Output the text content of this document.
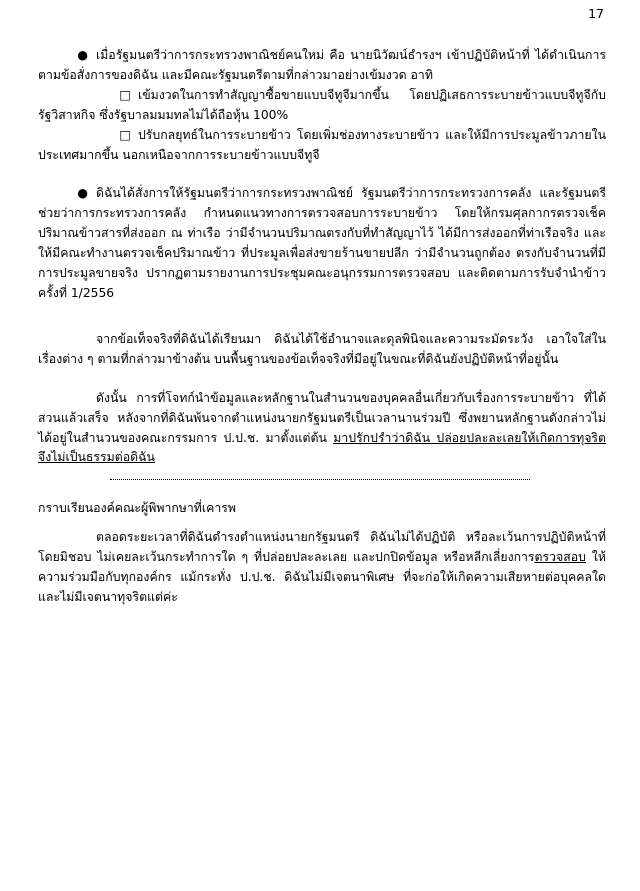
17

● เมื่อรัฐมนตรีว่าการกระทรวงพาณิชย์คนใหม่ คือ นายนิวัฒน์ธำรงฯ เข้าปฏิบัติหน้าที่ ได้ดำเนินการตามข้อสั่งการของดิฉัน และมีคณะรัฐมนตรีตามที่กล่าวมาอย่างเข้มงวด อาทิ

□ เข้มงวดในการทำสัญญาซื้อขายแบบจีทูจีมากขึ้น โดยปฏิเสธการระบายข้าวแบบจีทูจีกับรัฐวิสาหกิจ ซึ่งรัฐบาลมมมทลไม่ได้ถือหุ้น 100%

□ ปรับกลยุทธ์ในการระบายข้าว โดยเพิ่มช่องทางระบายข้าว และให้มีการประมูลข้าวภายในประเทศมากขึ้น นอกเหนือจากการระบายข้าวแบบจีทูจี

● ดิฉันได้สั่งการให้รัฐมนตรีว่าการกระทรวงพาณิชย์ รัฐมนตรีว่าการกระทรวงการคลัง และรัฐมนตรีช่วยว่าการกระทรวงการคลัง กำหนดแนวทางการตรวจสอบการระบายข้าว โดยให้กรมศุลกากรตรวจเช็คปริมาณข้าวสารที่ส่งออก ณ ท่าเรือ ว่ามีจำนวนปริมาณตรงกับที่ทำสัญญาไว้ ได้มีการส่งออกที่ท่าเรือจริง และให้มีคณะทำงานตรวจเช็คปริมาณข้าว ที่ประมูลเพื่อส่งขายร้านขายปลีก ว่ามีจำนวนถูกต้อง ตรงกับจำนวนที่มีการประมูลขายจริง ปรากฏตามรายงานการประชุมคณะอนุกรรมการตรวจสอบ และติดตามการรับจำนำข้าว ครั้งที่ 1/2556

จากข้อเท็จจริงที่ดิฉันได้เรียนมา ดิฉันได้ใช้อำนาจและดุลพินิจและความระมัดระวัง เอาใจใส่ในเรื่องต่าง ๆ ตามที่กล่าวมาข้างต้น บนพื้นฐานของข้อเท็จจริงที่มีอยู่ในขณะที่ดิฉันยังปฏิบัติหน้าที่อยู่นั้น

ดังนั้น การที่โจทก์นำข้อมูลและหลักฐานในสำนวนของบุคคลอื่นเกี่ยวกับเรื่องการระบายข้าว ที่ได้สวนแล้วเสร็จ หลังจากที่ดิฉันพ้นจากตำแหน่งนายกรัฐมนตรีเป็นเวลานานร่วมปี ซึ่งพยานหลักฐานดังกล่าวไม่ได้อยู่ในสำนวนของคณะกรรมการ ป.ป.ช. มาตั้งแต่ต้น มาปรักปรำว่าดิฉัน ปล่อยปละละเลยให้เกิดการทุจริต จึงไม่เป็นธรรมต่อดิฉัน

กราบเรียนองค์คณะผู้พิพากษาที่เคารพ

ตลอดระยะเวลาที่ดิฉันดำรงตำแหน่งนายกรัฐมนตรี ดิฉันไม่ได้ปฏิบัติ หรือละเว้นการปฏิบัติหน้าที่โดยมิชอบ ไม่เคยละเว้นกระทำการใด ๆ ที่ปล่อยปละละเลย และปกปิดข้อมูล หรือหลีกเลี่ยงการตรวจสอบ ให้ความร่วมมือกับทุกองค์กร แม้กระทั่ง ป.ป.ช. ดิฉันไม่มีเจตนาพิเศษ ที่จะก่อให้เกิดความเสียหายต่อบุคคลใด และไม่มีเจตนาทุจริตแต่ค่ะ
